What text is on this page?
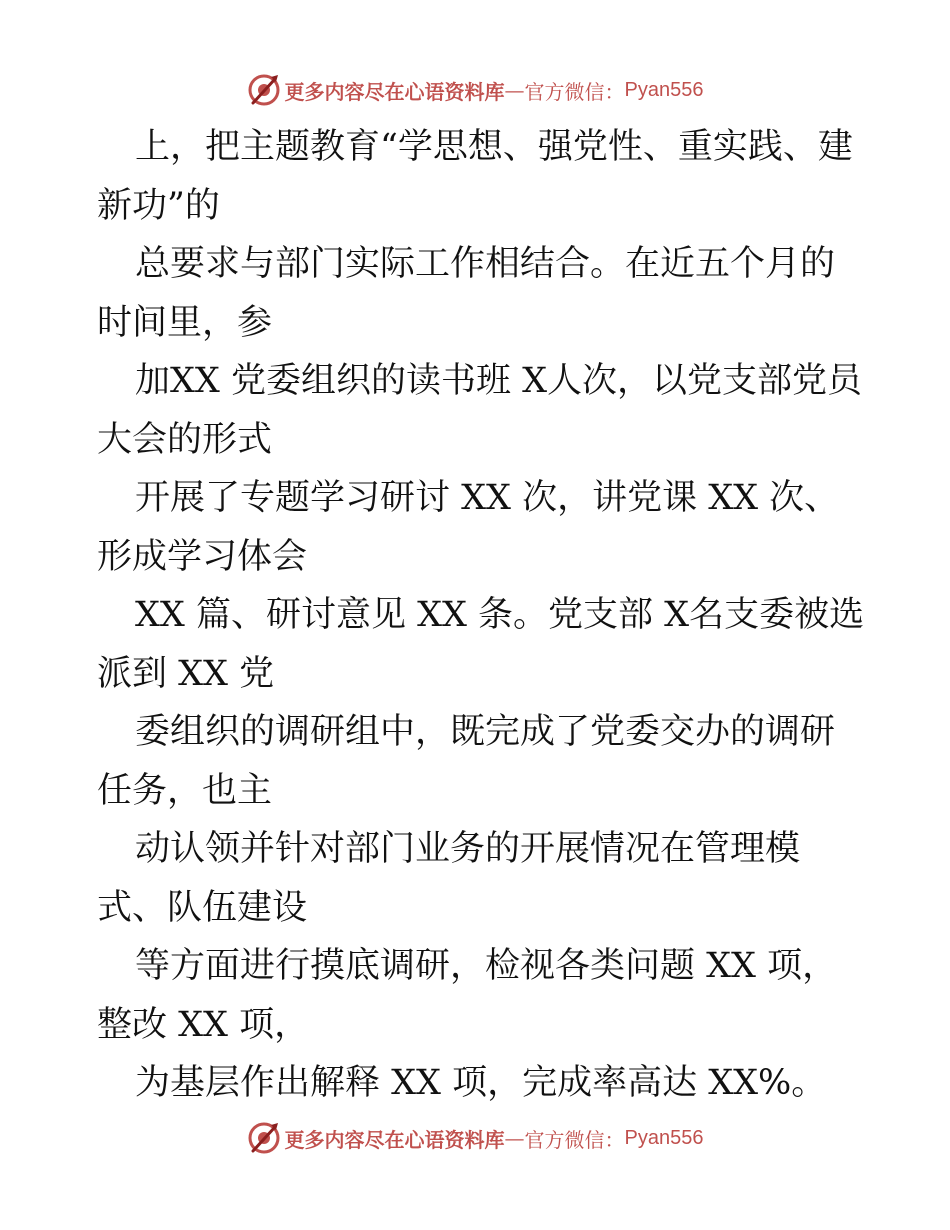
更多内容尽在心语资料库 — 官方微信： Pyan556

上，把主题教育“学思想、强党性、重实践、建新功”的

总要求与部门实际工作相结合。在近五个月的时间里，参

加XX 党委组织的读书班 X人次，以党支部党员大会的形式

开展了专题学习研讨 XX 次，讲党课 XX 次、形成学习体会

XX 篇、研讨意见 XX 条。党支部 X名支委被选派到 XX 党

委组织的调研组中，既完成了党委交办的调研任务，也主

动认领并针对部门业务的开展情况在管理模式、队伍建设

等方面进行摸底调研，检视各类问题 XX 项，整改 XX 项，

为基层作出解释 XX 项，完成率高达 XX%。

更多内容尽在心语资料库 — 官方微信： Pyan556
